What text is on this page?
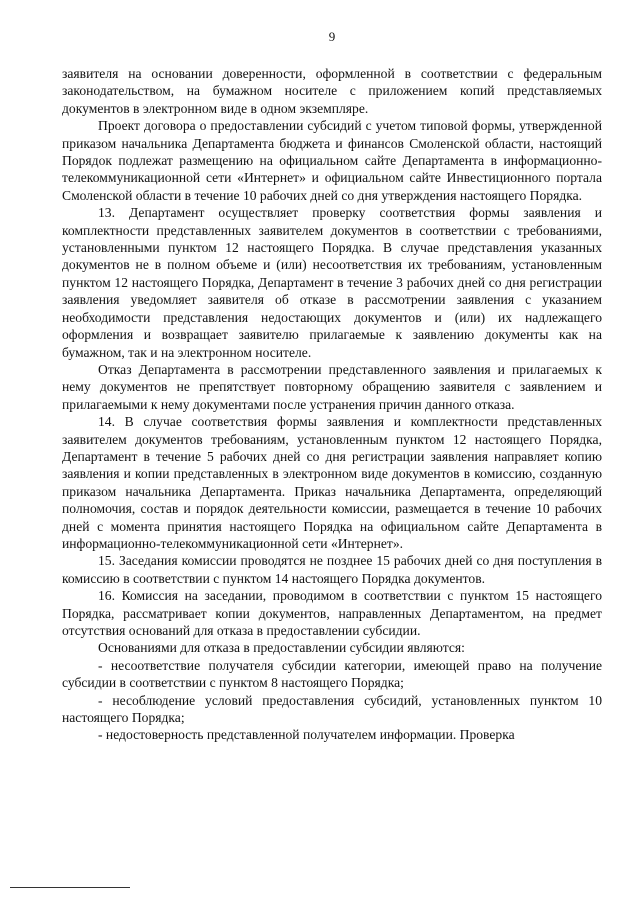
9

заявителя на основании доверенности, оформленной в соответствии с федеральным законодательством, на бумажном носителе с приложением копий представляемых документов в электронном виде в одном экземпляре.

Проект договора о предоставлении субсидий с учетом типовой формы, утвержденной приказом начальника Департамента бюджета и финансов Смоленской области, настоящий Порядок подлежат размещению на официальном сайте Департамента в информационно-телекоммуникационной сети «Интернет» и официальном сайте Инвестиционного портала Смоленской области в течение 10 рабочих дней со дня утверждения настоящего Порядка.

13. Департамент осуществляет проверку соответствия формы заявления и комплектности представленных заявителем документов в соответствии с требованиями, установленными пунктом 12 настоящего Порядка. В случае представления указанных документов не в полном объеме и (или) несоответствия их требованиям, установленным пунктом 12 настоящего Порядка, Департамент в течение 3 рабочих дней со дня регистрации заявления уведомляет заявителя об отказе в рассмотрении заявления с указанием необходимости представления недостающих документов и (или) их надлежащего оформления и возвращает заявителю прилагаемые к заявлению документы как на бумажном, так и на электронном носителе.

Отказ Департамента в рассмотрении представленного заявления и прилагаемых к нему документов не препятствует повторному обращению заявителя с заявлением и прилагаемыми к нему документами после устранения причин данного отказа.

14. В случае соответствия формы заявления и комплектности представленных заявителем документов требованиям, установленным пунктом 12 настоящего Порядка, Департамент в течение 5 рабочих дней со дня регистрации заявления направляет копию заявления и копии представленных в электронном виде документов в комиссию, созданную приказом начальника Департамента. Приказ начальника Департамента, определяющий полномочия, состав и порядок деятельности комиссии, размещается в течение 10 рабочих дней с момента принятия настоящего Порядка на официальном сайте Департамента в информационно-телекоммуникационной сети «Интернет».

15. Заседания комиссии проводятся не позднее 15 рабочих дней со дня поступления в комиссию в соответствии с пунктом 14 настоящего Порядка документов.

16. Комиссия на заседании, проводимом в соответствии с пунктом 15 настоящего Порядка, рассматривает копии документов, направленных Департаментом, на предмет отсутствия оснований для отказа в предоставлении субсидии.

Основаниями для отказа в предоставлении субсидии являются:

- несоответствие получателя субсидии категории, имеющей право на получение субсидии в соответствии с пунктом 8 настоящего Порядка;

- несоблюдение условий предоставления субсидий, установленных пунктом 10 настоящего Порядка;

- недостоверность представленной получателем информации. Проверка
